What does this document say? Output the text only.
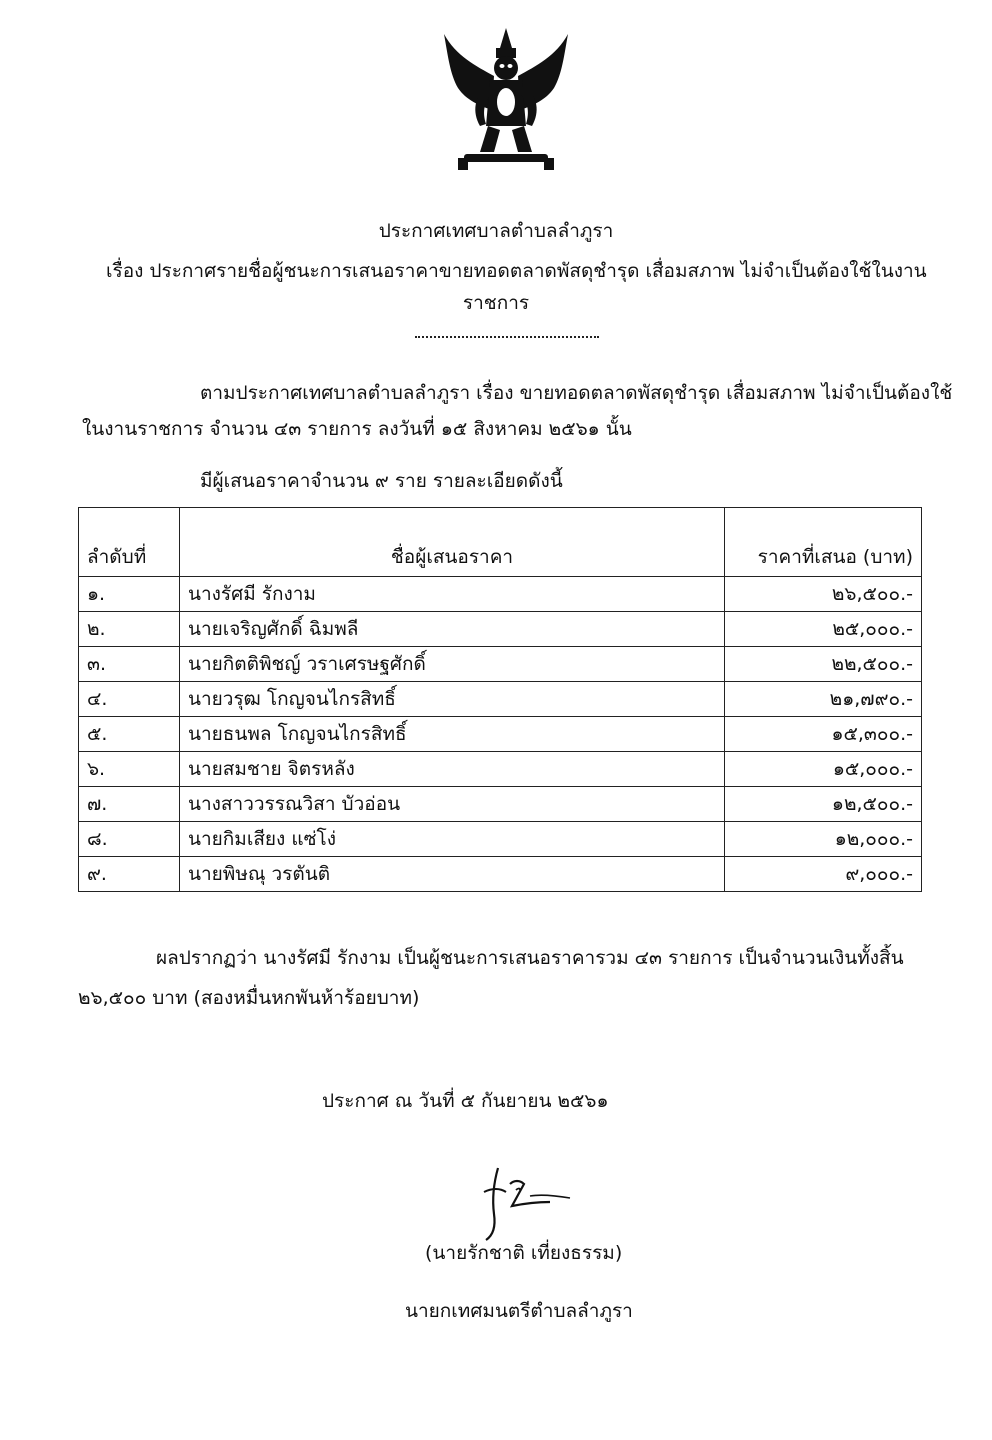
ประกาศเทศบาลตำบลลำภูรา
เรื่อง ประกาศรายชื่อผู้ชนะการเสนอราคาขายทอดตลาดพัสดุชำรุด เสื่อมสภาพ ไม่จำเป็นต้องใช้ในงาน
ราชการ
ตามประกาศเทศบาลตำบลลำภูรา เรื่อง ขายทอดตลาดพัสดุชำรุด เสื่อมสภาพ ไม่จำเป็นต้องใช้
ในงานราชการ จำนวน ๔๓ รายการ ลงวันที่ ๑๕ สิงหาคม ๒๕๖๑ นั้น
มีผู้เสนอราคาจำนวน ๙ ราย รายละเอียดดังนี้
ลำดับที่	ชื่อผู้เสนอราคา	ราคาที่เสนอ (บาท)
๑.	นางรัศมี รักงาม	๒๖,๕๐๐.-
๒.	นายเจริญศักดิ์ ฉิมพลี	๒๕,๐๐๐.-
๓.	นายกิตติพิชญ์ วราเศรษฐศักดิ์	๒๒,๕๐๐.-
๔.	นายวรุฒ โกญจนไกรสิทธิ์	๒๑,๗๙๐.-
๕.	นายธนพล โกญจนไกรสิทธิ์	๑๕,๓๐๐.-
๖.	นายสมชาย จิตรหลัง	๑๕,๐๐๐.-
๗.	นางสาววรรณวิสา บัวอ่อน	๑๒,๕๐๐.-
๘.	นายกิมเสียง แซ่โง่	๑๒,๐๐๐.-
๙.	นายพิษณุ วรตันติ	๙,๐๐๐.-
ผลปรากฏว่า นางรัศมี รักงาม เป็นผู้ชนะการเสนอราคารวม ๔๓ รายการ เป็นจำนวนเงินทั้งสิ้น
๒๖,๕๐๐ บาท (สองหมื่นหกพันห้าร้อยบาท)
ประกาศ ณ วันที่ ๕ กันยายน ๒๕๖๑
(นายรักชาติ เที่ยงธรรม)
นายกเทศมนตรีตำบลลำภูรา
